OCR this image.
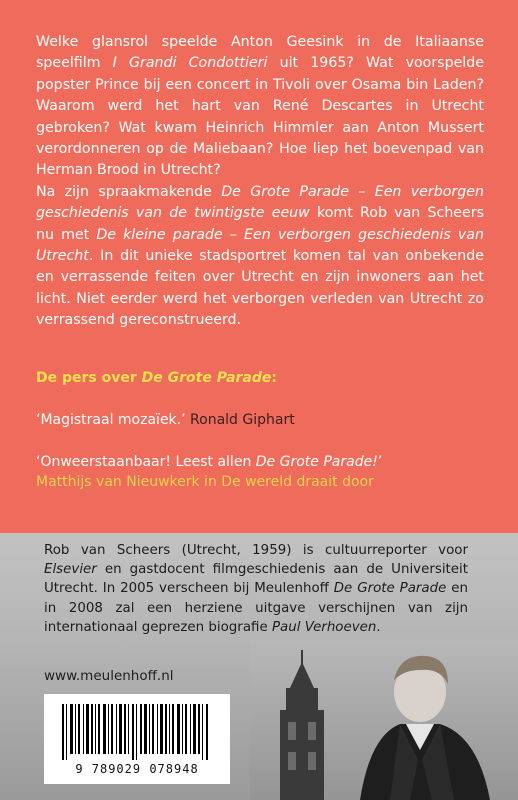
Welke glansrol speelde Anton Geesink in de Italiaanse speelfilm I Grandi Condottieri uit 1965? Wat voorspelde popster Prince bij een concert in Tivoli over Osama bin Laden? Waarom werd het hart van René Descartes in Utrecht gebroken? Wat kwam Heinrich Himmler aan Anton Mussert verordonneren op de Maliebaan? Hoe liep het boevenpad van Herman Brood in Utrecht?

Na zijn spraakmakende De Grote Parade – Een verborgen geschiedenis van de twintigste eeuw komt Rob van Scheers nu met De kleine parade – Een verborgen geschiedenis van Utrecht. In dit unieke stadsportret komen tal van onbekende en verrassende feiten over Utrecht en zijn inwoners aan het licht. Niet eerder werd het verborgen verleden van Utrecht zo verrassend gereconstrueerd.

De pers over De Grote Parade:
‘Magistraal mozaïek.’ Ronald Giphart
‘Onweerstaanbaar! Leest allen De Grote Parade!’
Matthijs van Nieuwkerk in De wereld draait door
Rob van Scheers (Utrecht, 1959) is cultuurreporter voor Elsevier en gastdocent filmgeschiedenis aan de Universiteit Utrecht. In 2005 verscheen bij Meulenhoff De Grote Parade en in 2008 zal een herziene uitgave verschijnen van zijn internationaal geprezen biografie Paul Verhoeven.
www.meulenhoff.nl
9 789029 078948
